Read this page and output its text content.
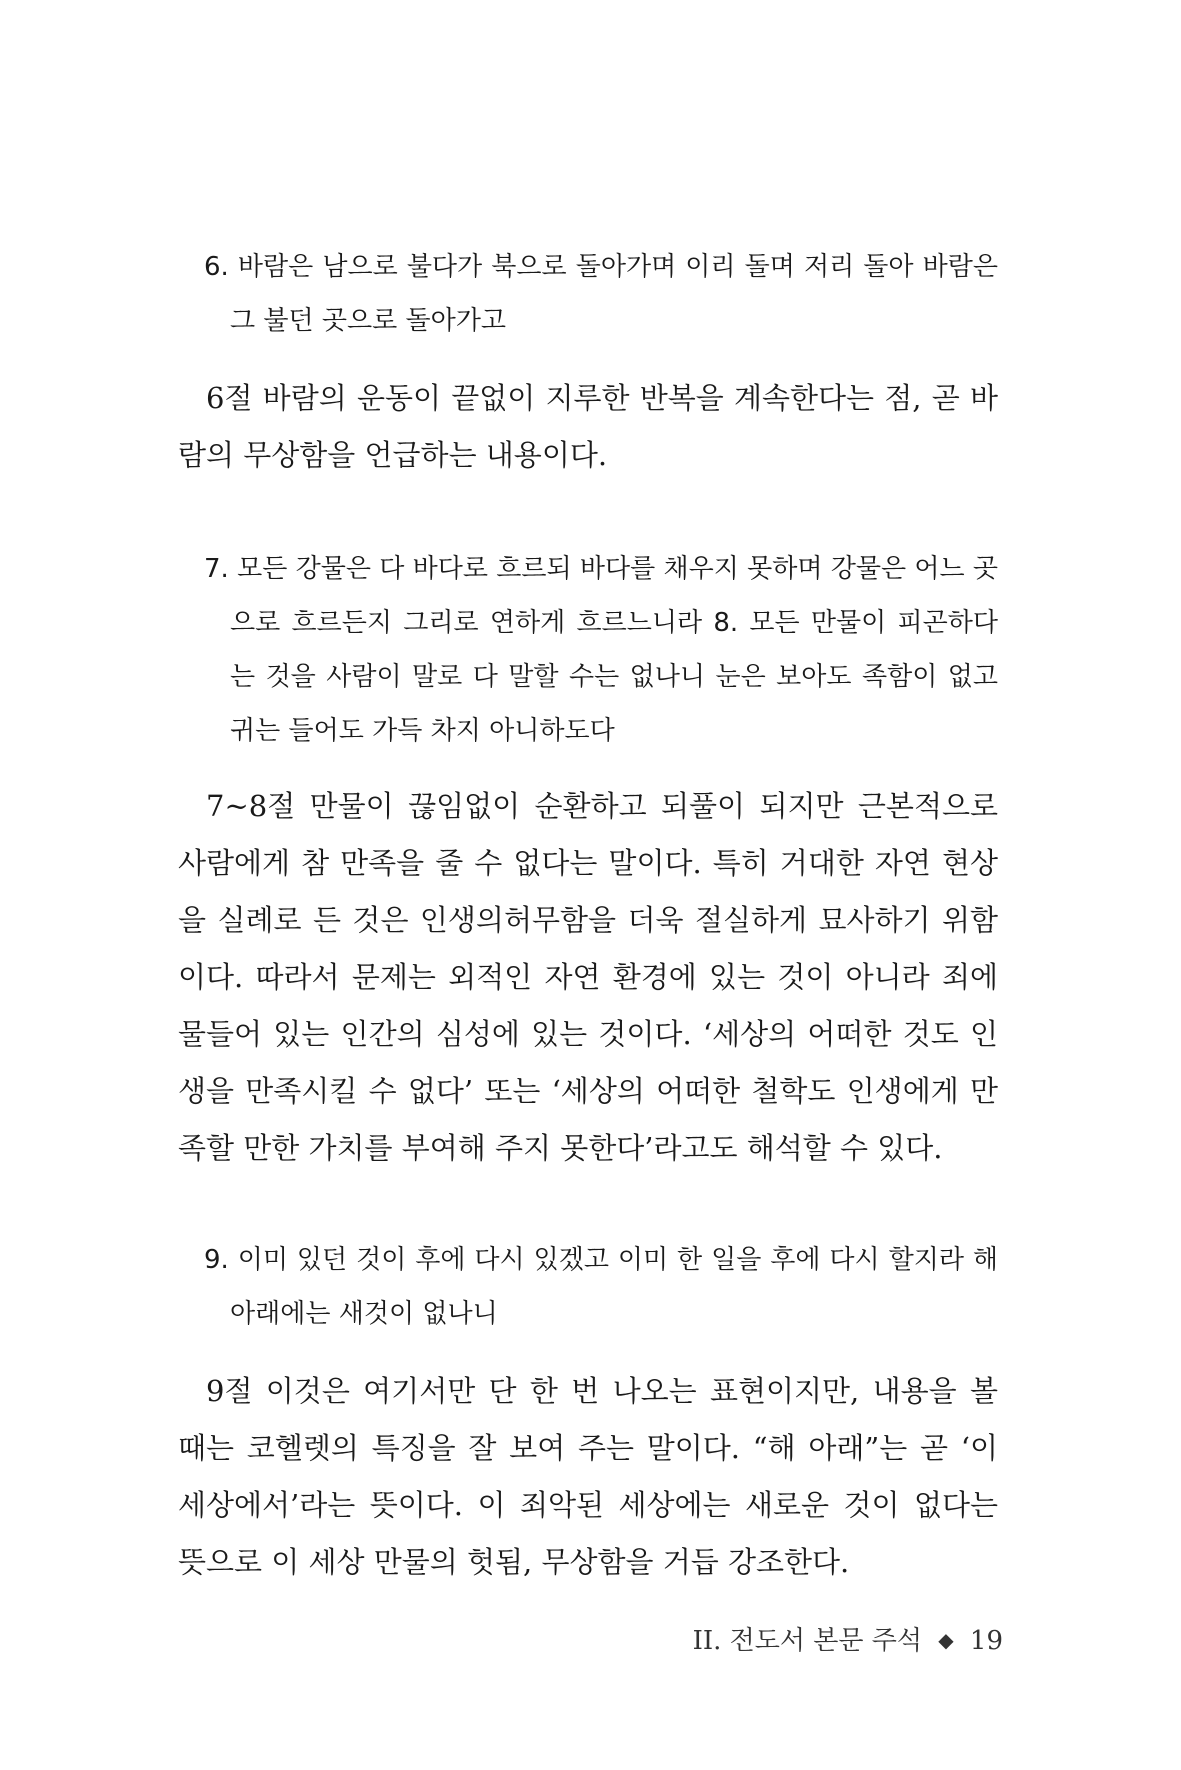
6. 바람은 남으로 불다가 북으로 돌아가며 이리 돌며 저리 돌아 바람은 그 불던 곳으로 돌아가고

6절 바람의 운동이 끝없이 지루한 반복을 계속한다는 점, 곧 바람의 무상함을 언급하는 내용이다.

7. 모든 강물은 다 바다로 흐르되 바다를 채우지 못하며 강물은 어느 곳으로 흐르든지 그리로 연하게 흐르느니라 8. 모든 만물이 피곤하다는 것을 사람이 말로 다 말할 수는 없나니 눈은 보아도 족함이 없고 귀는 들어도 가득 차지 아니하도다

7~8절 만물이 끊임없이 순환하고 되풀이 되지만 근본적으로 사람에게 참 만족을 줄 수 없다는 말이다. 특히 거대한 자연 현상을 실례로 든 것은 인생의허무함을 더욱 절실하게 묘사하기 위함이다. 따라서 문제는 외적인 자연 환경에 있는 것이 아니라 죄에 물들어 있는 인간의 심성에 있는 것이다. ‘세상의 어떠한 것도 인생을 만족시킬 수 없다’ 또는 ‘세상의 어떠한 철학도 인생에게 만족할 만한 가치를 부여해 주지 못한다’라고도 해석할 수 있다.

9. 이미 있던 것이 후에 다시 있겠고 이미 한 일을 후에 다시 할지라 해 아래에는 새것이 없나니

9절 이것은 여기서만 단 한 번 나오는 표현이지만, 내용을 볼 때는 코헬렛의 특징을 잘 보여 주는 말이다. “해 아래”는 곧 ‘이 세상에서’라는 뜻이다. 이 죄악된 세상에는 새로운 것이 없다는 뜻으로 이 세상 만물의 헛됨, 무상함을 거듭 강조한다.

II. 전도서 본문 주석 ◆ 19
